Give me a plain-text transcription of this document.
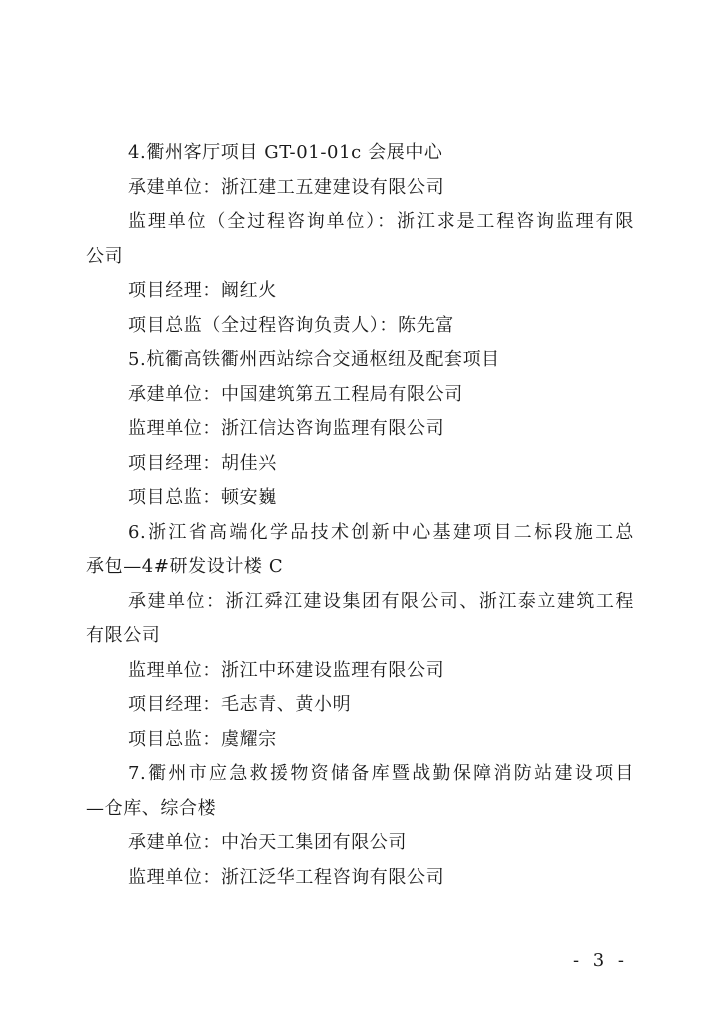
4.衢州客厅项目 GT-01-01c 会展中心
承建单位：浙江建工五建建设有限公司
监理单位（全过程咨询单位）：浙江求是工程咨询监理有限
公司
项目经理：阚红火
项目总监（全过程咨询负责人）：陈先富
5.杭衢高铁衢州西站综合交通枢纽及配套项目
承建单位：中国建筑第五工程局有限公司
监理单位：浙江信达咨询监理有限公司
项目经理：胡佳兴
项目总监：顿安巍
6.浙江省高端化学品技术创新中心基建项目二标段施工总
承包—4#研发设计楼 C
承建单位：浙江舜江建设集团有限公司、浙江泰立建筑工程
有限公司
监理单位：浙江中环建设监理有限公司
项目经理：毛志青、黄小明
项目总监：虞耀宗
7.衢州市应急救援物资储备库暨战勤保障消防站建设项目
—仓库、综合楼
承建单位：中冶天工集团有限公司
监理单位：浙江泛华工程咨询有限公司
- 3 -
